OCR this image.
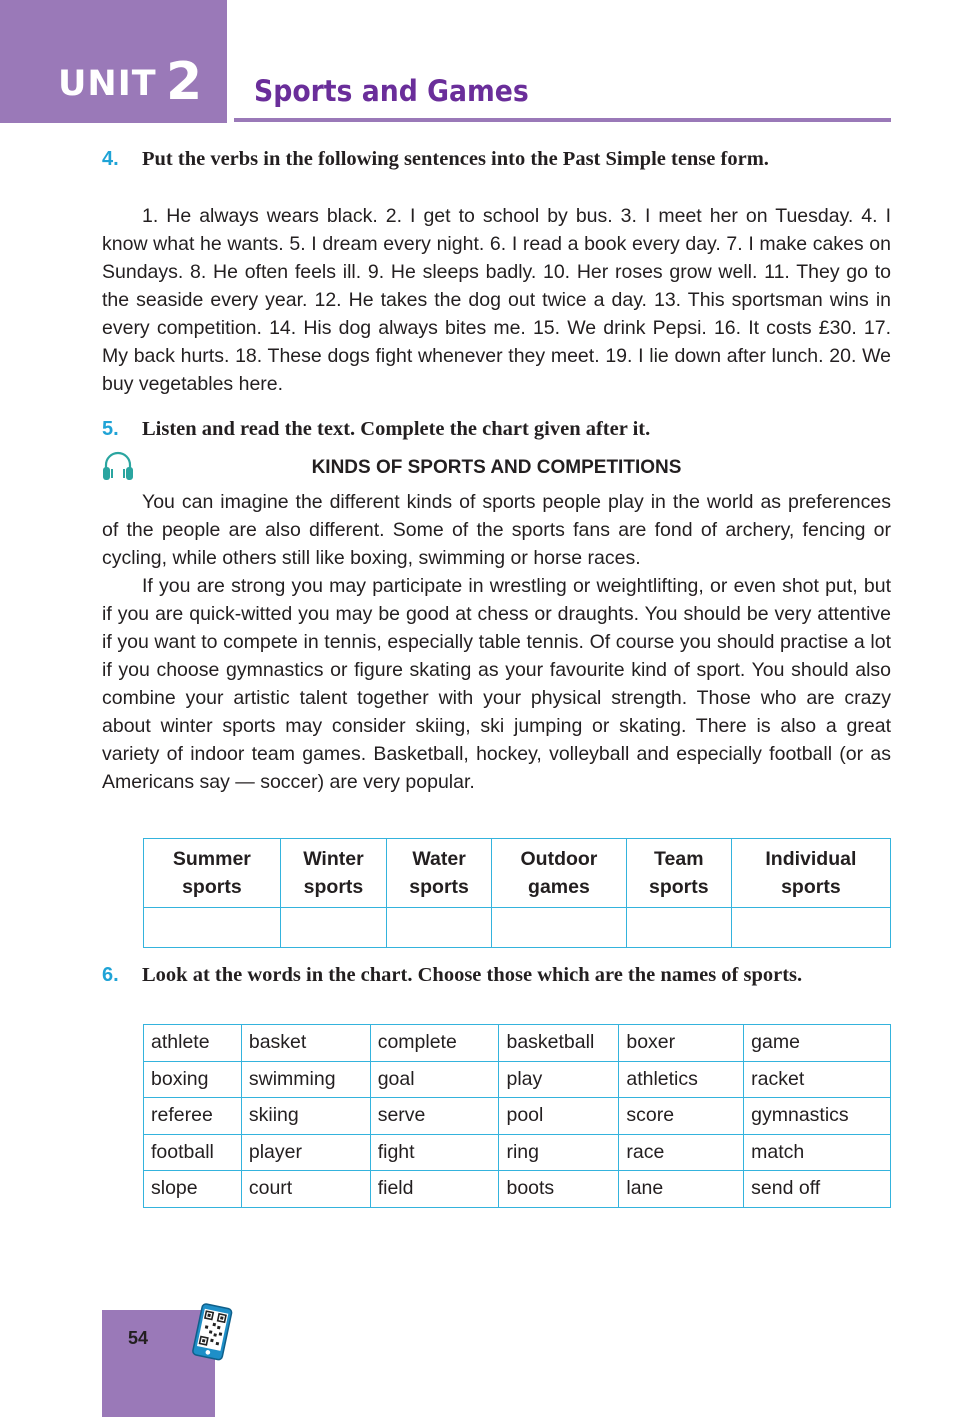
UNIT 2 Sports and Games
4. Put the verbs in the following sentences into the Past Simple tense form.

1. He always wears black. 2. I get to school by bus. 3. I meet her on Tuesday. 4. I know what he wants. 5. I dream every night. 6. I read a book every day. 7. I make cakes on Sundays. 8. He often feels ill. 9. He sleeps badly. 10. Her roses grow well. 11. They go to the seaside every year. 12. He takes the dog out twice a day. 13. This sportsman wins in every competition. 14. His dog always bites me. 15. We drink Pepsi. 16. It costs £30. 17. My back hurts. 18. These dogs fight whenever they meet. 19. I lie down after lunch. 20. We buy vegetables here.

5. Listen and read the text. Complete the chart given after it.
KINDS OF SPORTS AND COMPETITIONS

You can imagine the different kinds of sports people play in the world as preferences of the people are also different. Some of the sports fans are fond of archery, fencing or cycling, while others still like boxing, swimming or horse races.

If you are strong you may participate in wrestling or weightlifting, or even shot put, but if you are quick-witted you may be good at chess or draughts. You should be very attentive if you want to compete in tennis, especially table tennis. Of course you should practise a lot if you choose gymnastics or figure skating as your favourite kind of sport. You should also combine your artistic talent together with your physical strength. Those who are crazy about winter sports may consider skiing, ski jumping or skating. There is also a great variety of indoor team games. Basketball, hockey, volleyball and especially football (or as Americans say — soccer) are very popular.

Summer
sports	Winter
sports	Water
sports	Outdoor
games	Team
sports	Individual
sports

6. Look at the words in the chart. Choose those which are the names of sports.
athlete	basket	complete	basketball	boxer	game
boxing	swimming	goal	play	athletics	racket
referee	skiing	serve	pool	score	gymnastics
football	player	fight	ring	race	match
slope	court	field	boots	lane	send off
54
